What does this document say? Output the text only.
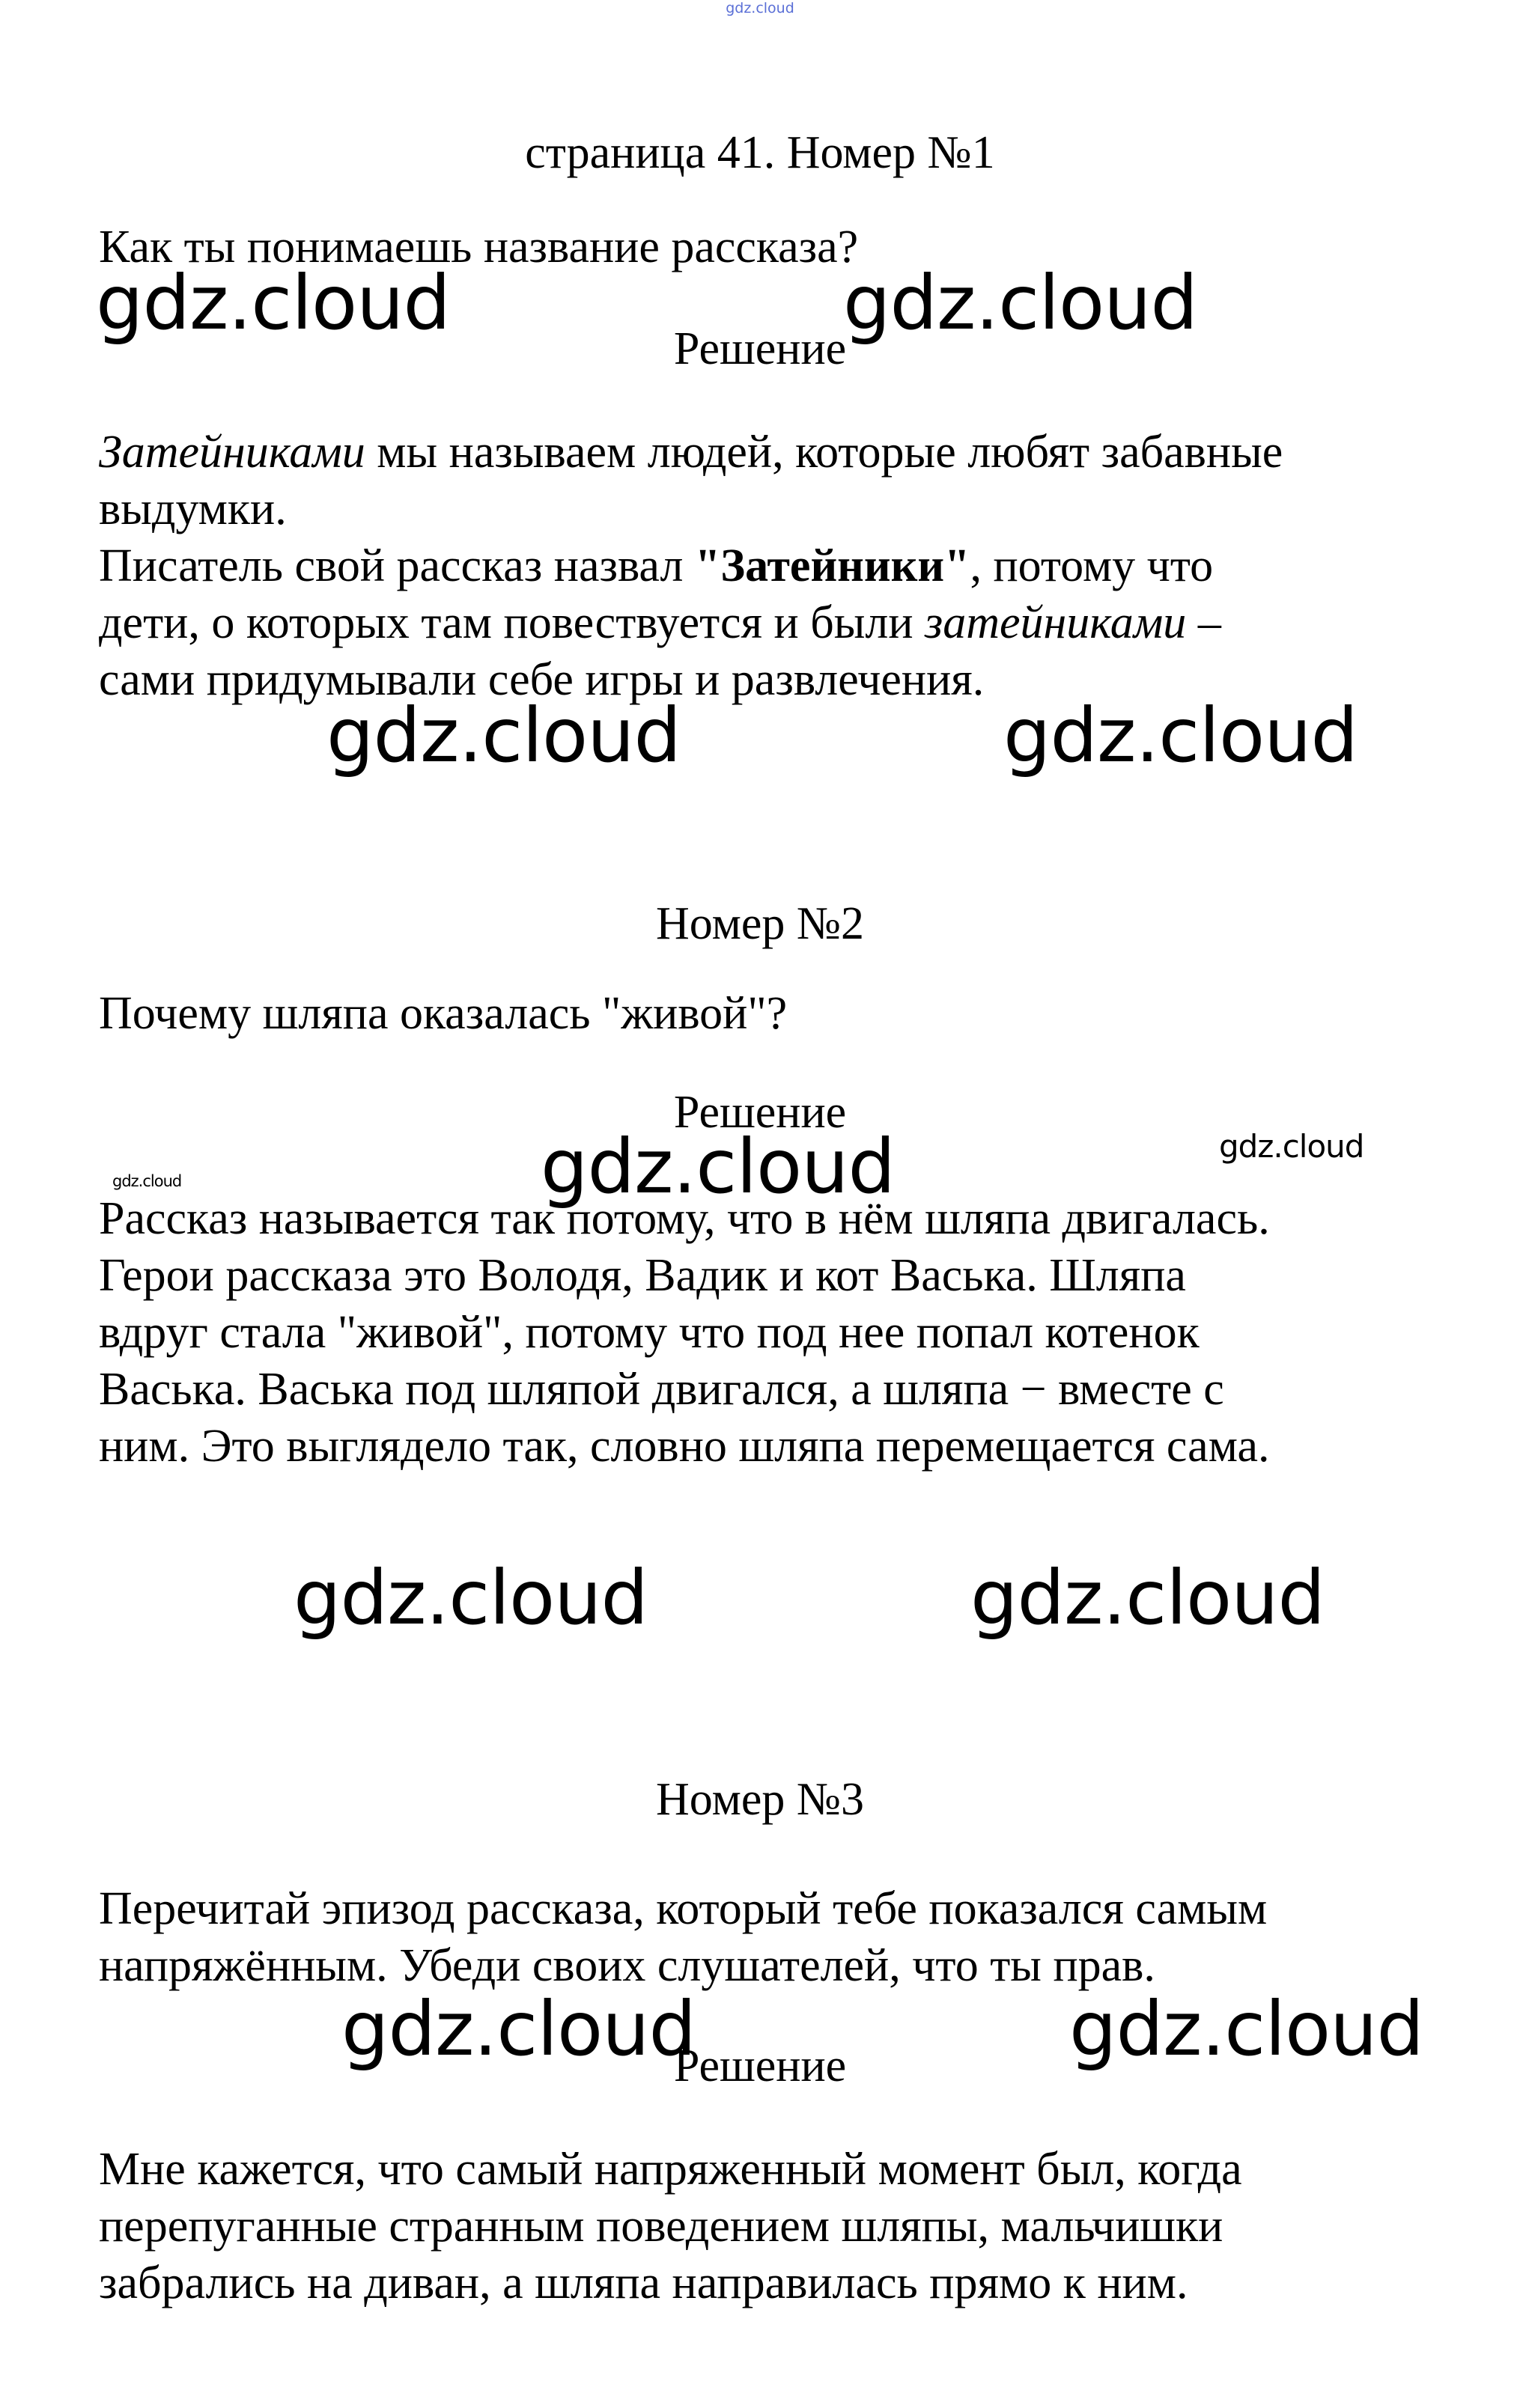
gdz.cloud
страница 41. Номер №1
Как ты понимаешь название рассказа?
Решение
Затейниками мы называем людей, которые любят забавные
выдумки.
Писатель свой рассказ назвал "Затейники", потому что
дети, о которых там повествуется и были затейниками –
сами придумывали себе игры и развлечения.
Номер №2
Почему шляпа оказалась "живой"?
Решение
Рассказ называется так потому, что в нём шляпа двигалась.
Герои рассказа это Володя, Вадик и кот Васька. Шляпа
вдруг стала "живой", потому что под нее попал котенок
Васька. Васька под шляпой двигался, а шляпа − вместе с
ним. Это выглядело так, словно шляпа перемещается сама.
Номер №3
Перечитай эпизод рассказа, который тебе показался самым
напряжённым. Убеди своих слушателей, что ты прав.
Решение
Мне кажется, что самый напряженный момент был, когда
перепуганные странным поведением шляпы, мальчишки
забрались на диван, а шляпа направилась прямо к ним.
gdz.cloud	gdz.cloud
gdz.cloud	gdz.cloud
gdz.cloud	gdz.cloud
gdz.cloud
gdz.cloud	gdz.cloud
gdz.cloud	gdz.cloud
